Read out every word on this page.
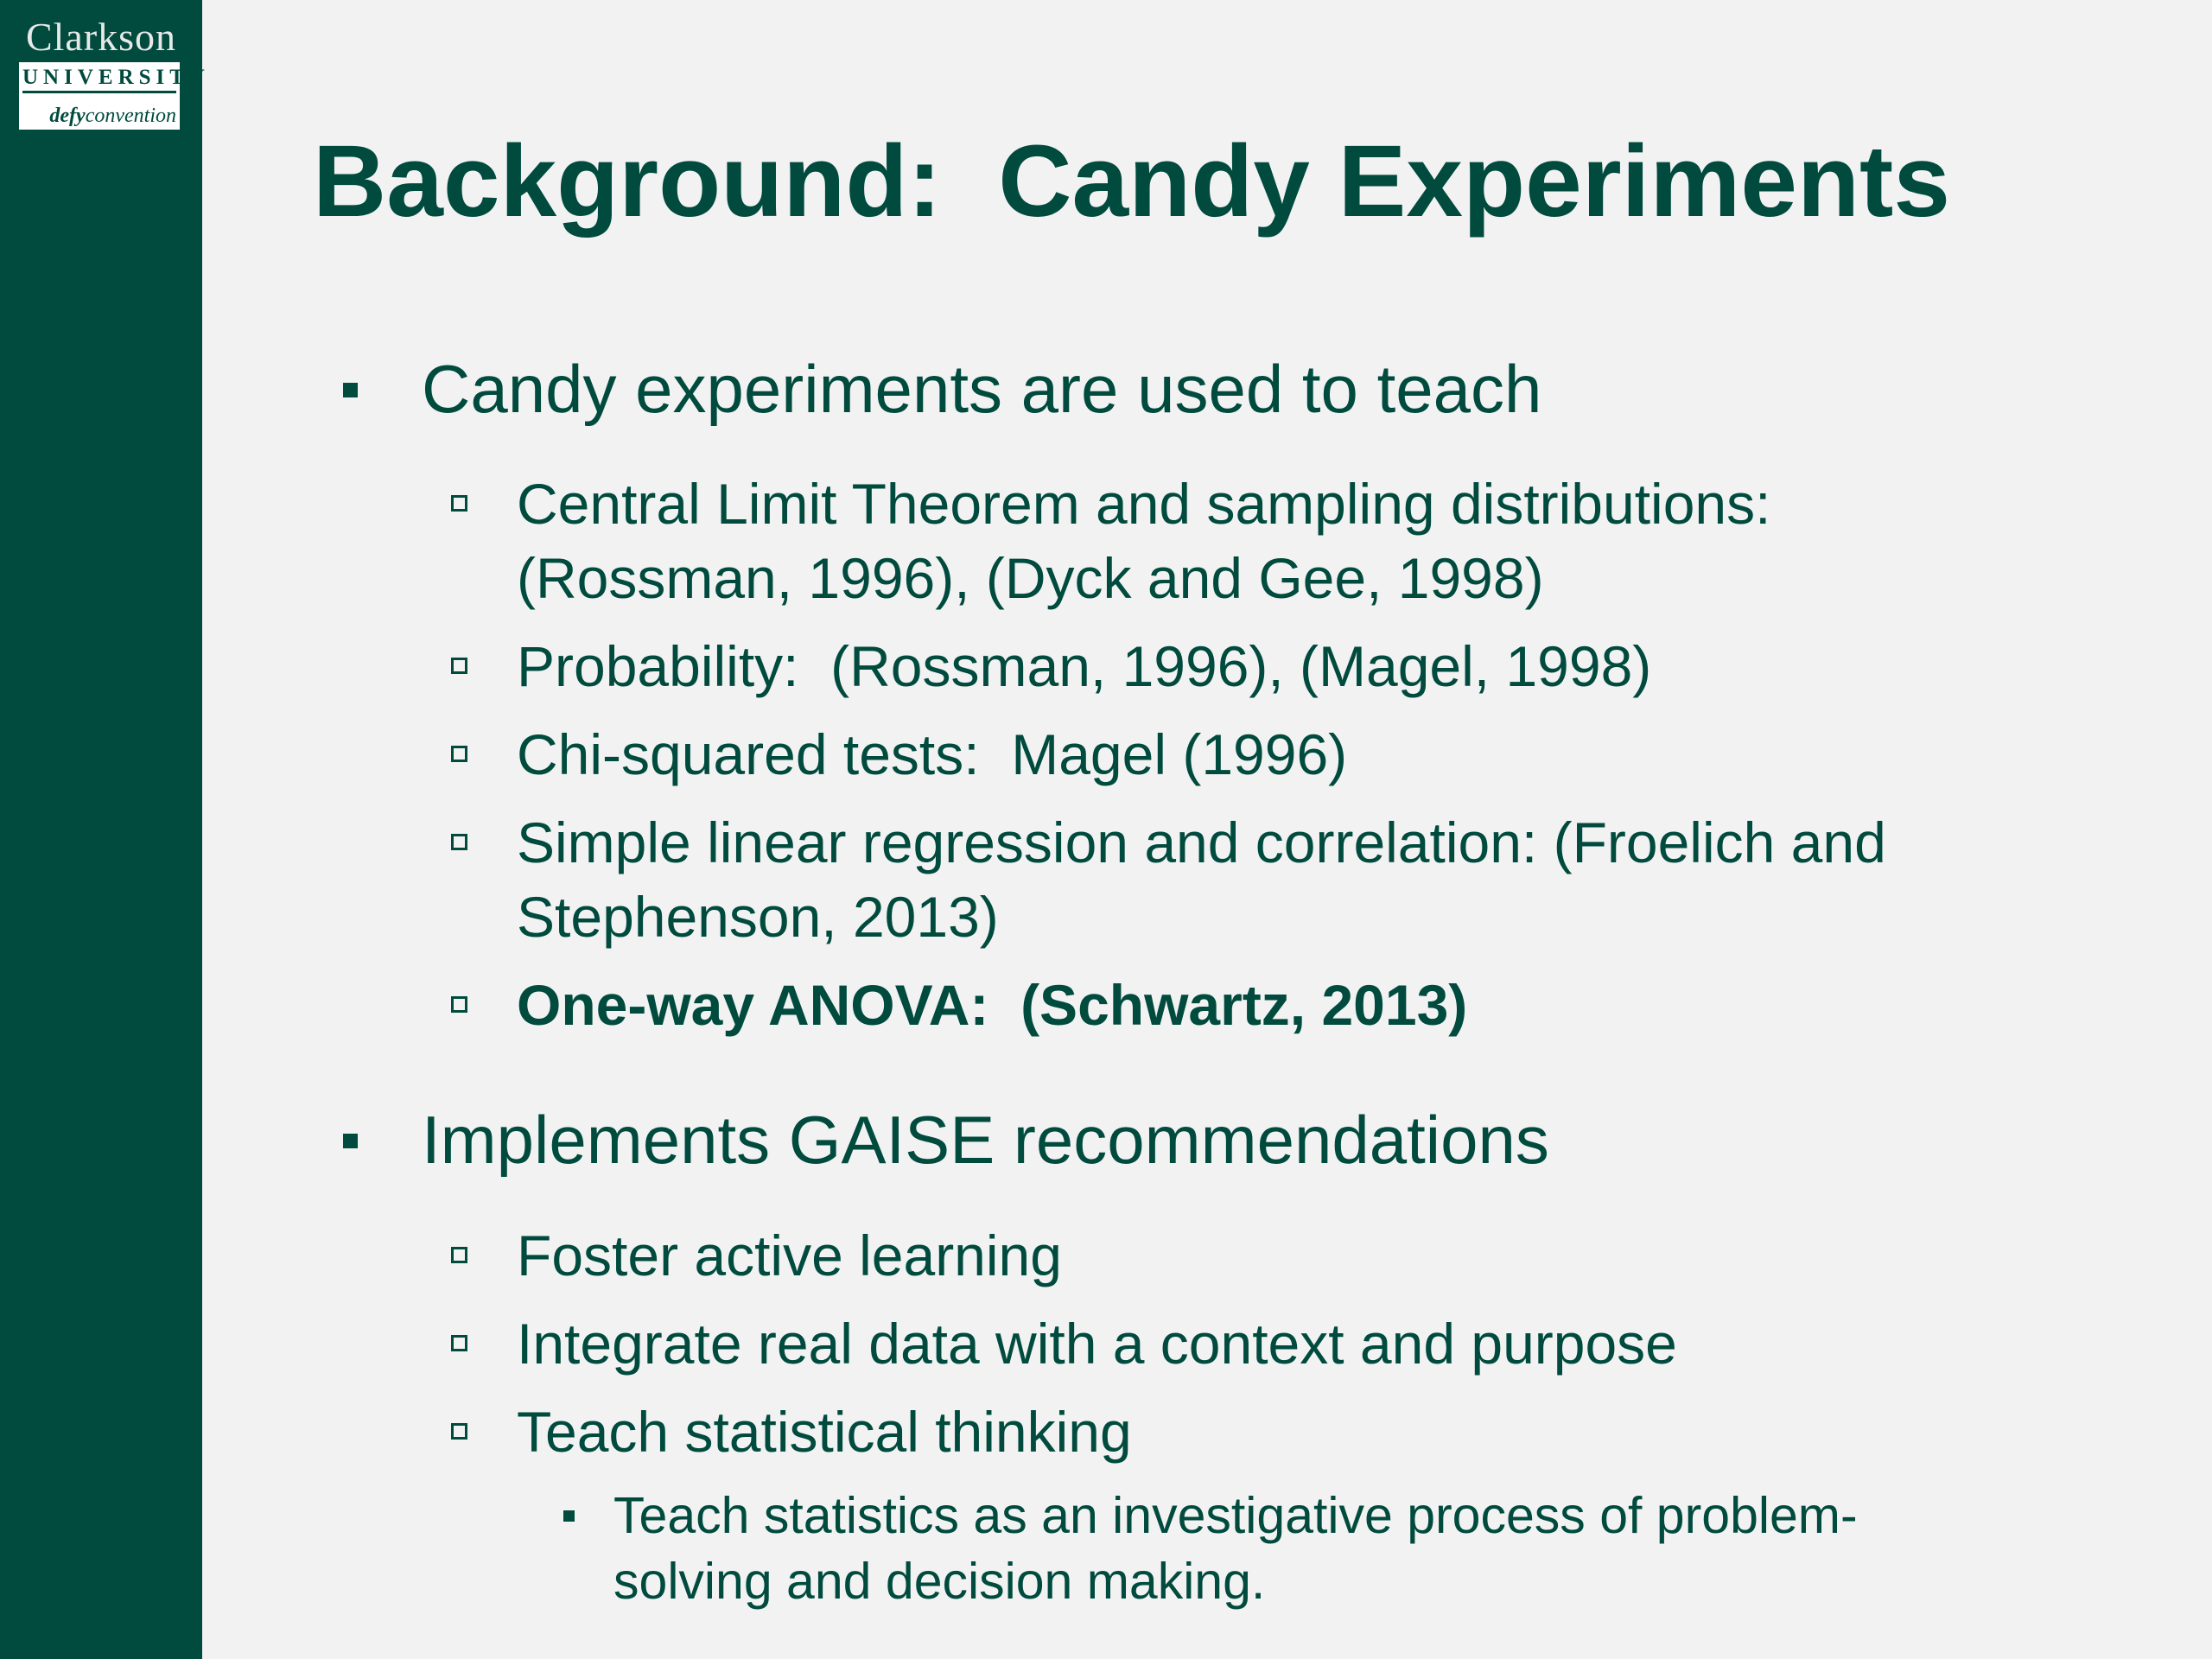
Clarkson
UNIVERSITY
defyconvention
Background:  Candy Experiments

Candy experiments are used to teach

Central Limit Theorem and sampling distributions:

(Rossman, 1996), (Dyck and Gee, 1998)

Probability:  (Rossman, 1996), (Magel, 1998)

Chi-squared tests:  Magel (1996)

Simple linear regression and correlation: (Froelich and

Stephenson, 2013)

One-way ANOVA:  (Schwartz, 2013)

Implements GAISE recommendations

Foster active learning

Integrate real data with a context and purpose

Teach statistical thinking

Teach statistics as an investigative process of problem-

solving and decision making.
